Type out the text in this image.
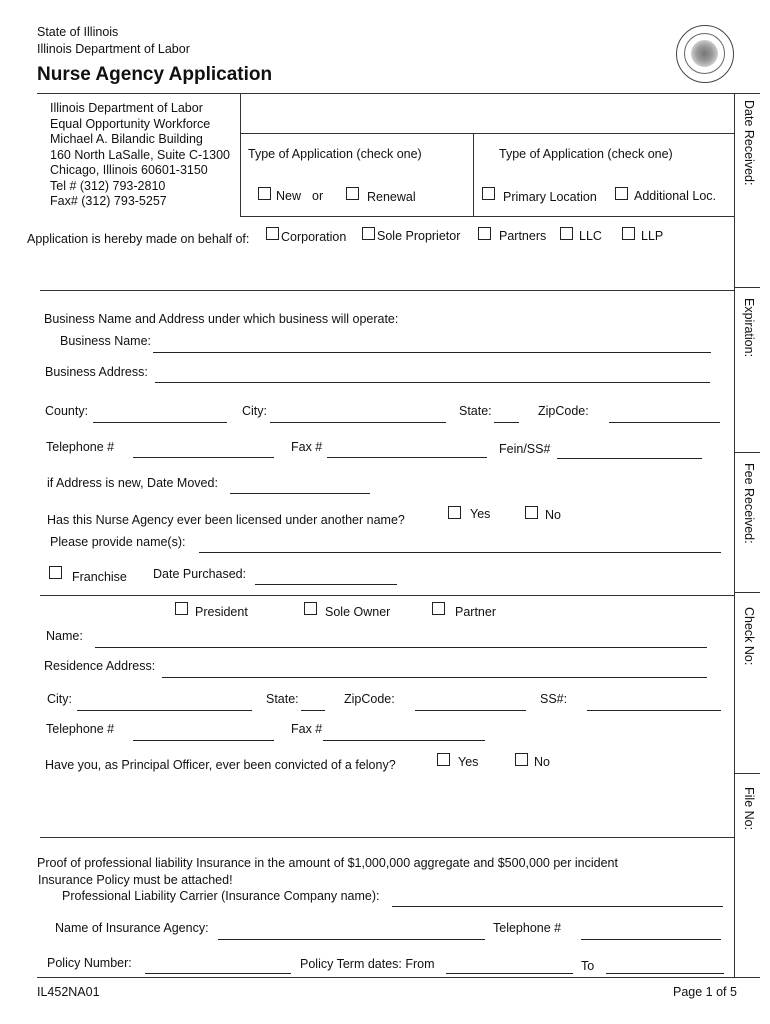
State of Illinois
Illinois Department of Labor
Nurse Agency Application
Date Received:
Expiration:
Fee Received:
Check No:
File No:
Illinois Department of Labor
Equal Opportunity Workforce
Michael A. Bilandic Building
160 North LaSalle, Suite C-1300
Chicago, Illinois 60601-3150
Tel # (312) 793-2810
Fax# (312) 793-5257
Type of Application (check one)
New or	Renewal
Type of Application (check one)
Primary Location	Additional Loc.
Application is hereby made on behalf of:	Corporation Sole Proprietor	Partners	LLC	LLP
Business Name and Address under which business will operate:
Business Name:
Business Address:
County:	City:	State:	ZipCode:
Telephone #	Fax #	Fein/SS#
if Address is new, Date Moved:
Has this Nurse Agency ever been licensed under another name?	Yes	No
Please provide name(s):
Franchise Date Purchased:
President	Sole Owner	Partner
Name:
Residence Address:
City:	State:	ZipCode:	SS#:
Telephone #	Fax #
Have you, as Principal Officer, ever been convicted of a felony?	Yes	No
Proof of professional liability Insurance in the amount of $1,000,000 aggregate and $500,000 per incident
Insurance Policy must be attached!
Professional Liability Carrier (Insurance Company name):
Name of Insurance Agency:	Telephone #
Policy Number:	Policy Term dates: From	To
IL452NA01	Page 1 of 5
